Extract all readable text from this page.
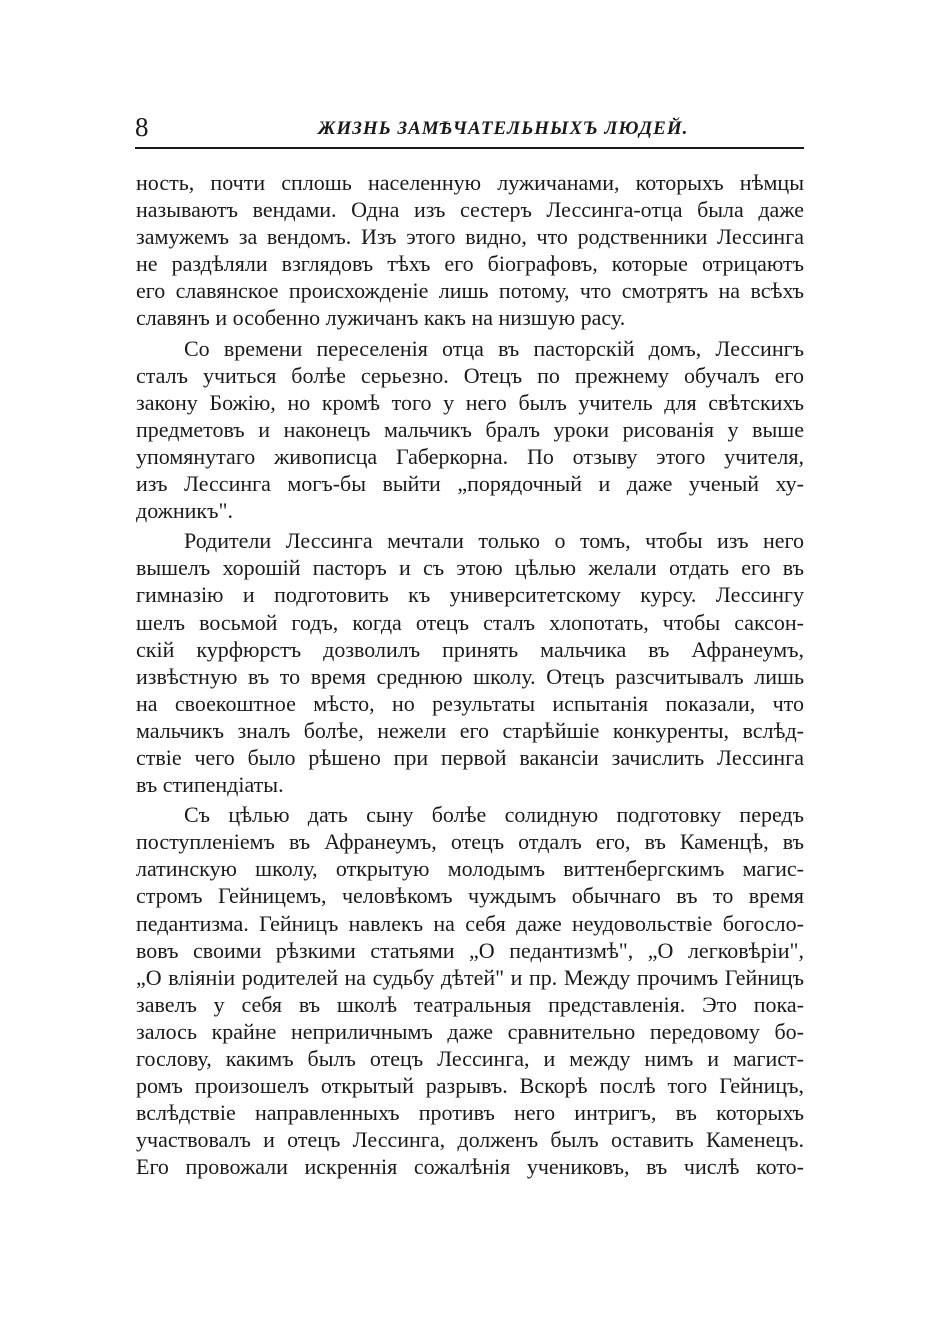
8	ЖИЗНЬ ЗАМѢЧАТЕЛЬНЫХЪ ЛЮДЕЙ.
ность, почти сплошь населенную лужичанами, которыхъ нѣмцы
называютъ вендами. Одна изъ сестеръ Лессинга-отца была даже
замужемъ за вендомъ. Изъ этого видно, что родственники Лессинга
не раздѣляли взглядовъ тѣхъ его біографовъ, которые отрицаютъ
его славянское происхожденіе лишь потому, что смотрятъ на всѣхъ
славянъ и особенно лужичанъ какъ на низшую расу.
Со времени переселенія отца въ пасторскій домъ, Лессингъ
сталъ учиться болѣе серьезно. Отецъ по прежнему обучалъ его
закону Божію, но кромѣ того у него былъ учитель для свѣтскихъ
предметовъ и наконецъ мальчикъ бралъ уроки рисованія у выше
упомянутаго живописца Габеркорна. По отзыву этого учителя,
изъ Лессинга могъ-бы выйти „порядочный и даже ученый ху-
дожникъ".
Родители Лессинга мечтали только о томъ, чтобы изъ него
вышелъ хорошій пасторъ и съ этою цѣлью желали отдать его въ
гимназію и подготовить къ университетскому курсу. Лессингу
шелъ восьмой годъ, когда отецъ сталъ хлопотать, чтобы саксон-
скій курфюрстъ дозволилъ принять мальчика въ Афранеумъ,
извѣстную въ то время среднюю школу. Отецъ разсчитывалъ лишь
на своекоштное мѣсто, но результаты испытанія показали, что
мальчикъ зналъ болѣе, нежели его старѣйшіе конкуренты, вслѣд-
ствіе чего было рѣшено при первой вакансіи зачислить Лессинга
въ стипендіаты.
Съ цѣлью дать сыну болѣе солидную подготовку передъ
поступленіемъ въ Афранеумъ, отецъ отдалъ его, въ Каменцѣ, въ
латинскую школу, открытую молодымъ виттенбергскимъ магис-
стромъ Гейницемъ, человѣкомъ чуждымъ обычнаго въ то время
педантизма. Гейницъ навлекъ на себя даже неудовольствіе богосло-
вовъ своими рѣзкими статьями „О педантизмѣ", „О легковѣріи",
„О вліяніи родителей на судьбу дѣтей" и пр. Между прочимъ Гейницъ
завелъ у себя въ школѣ театральныя представленія. Это пока-
залось крайне неприличнымъ даже сравнительно передовому бо-
гослову, какимъ былъ отецъ Лессинга, и между нимъ и магист-
ромъ произошелъ открытый разрывъ. Вскорѣ послѣ того Гейницъ,
вслѣдствіе направленныхъ противъ него интригъ, въ которыхъ
участвовалъ и отецъ Лессинга, долженъ былъ оставить Каменецъ.
Его провожали искреннія сожалѣнія учениковъ, въ числѣ кото-
